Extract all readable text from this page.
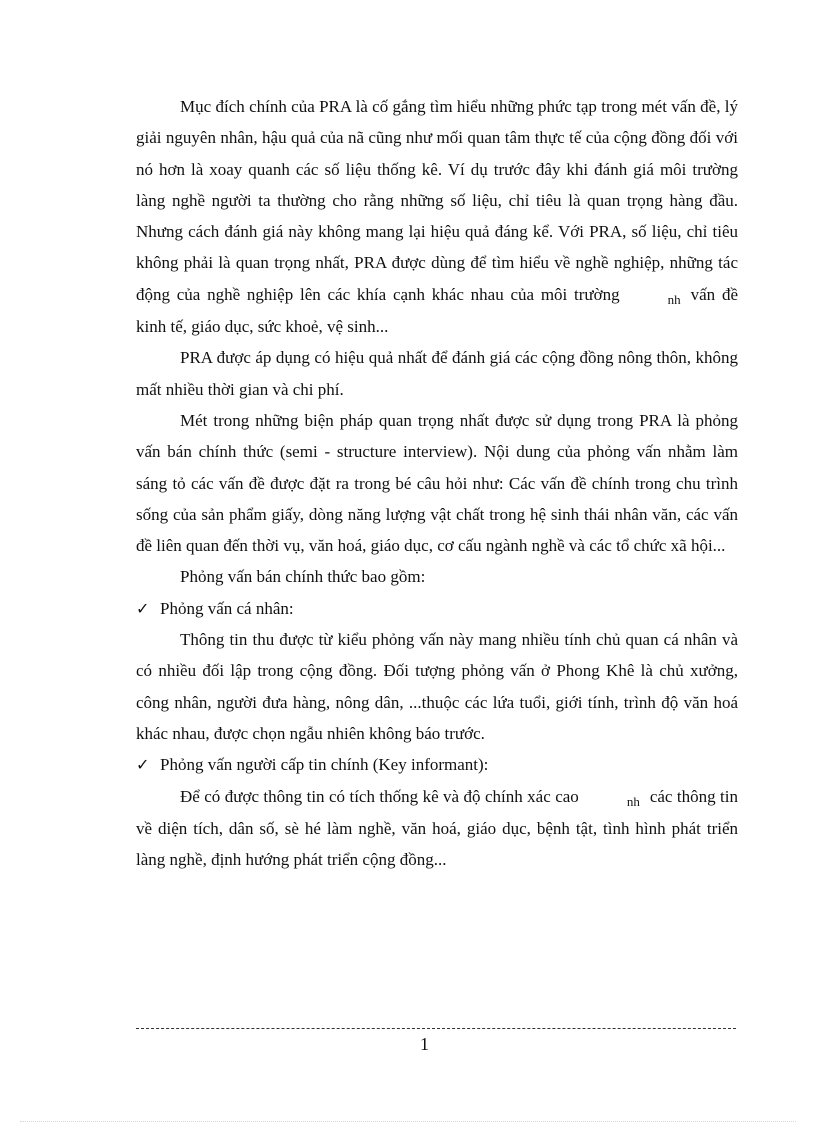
Mục đích chính của PRA là cố gắng tìm hiểu những phức tạp trong mét vấn đề, lý giải nguyên nhân, hậu quả của nã cũng như mối quan tâm thực tế của cộng đồng đối với nó hơn là xoay quanh các số liệu thống kê. Ví dụ trước đây khi đánh giá môi trường làng nghề người ta thường cho rằng những số liệu, chỉ tiêu là quan trọng hàng đầu. Nhưng cách đánh giá này không mang lại hiệu quả đáng kể. Với PRA, số liệu, chỉ tiêu không phải là quan trọng nhất, PRA được dùng để tìm hiểu về nghề nghiệp, những tác động của nghề nghiệp lên các khía cạnh khác nhau của môi trường	nh vấn đề kinh tế, giáo dục, sức khoẻ, vệ sinh...

PRA được áp dụng có hiệu quả nhất để đánh giá các cộng đồng nông thôn, không mất nhiều thời gian và chi phí.

Mét trong những biện pháp quan trọng nhất được sử dụng trong PRA là phỏng vấn bán chính thức (semi - structure interview). Nội dung của phỏng vấn nhằm làm sáng tỏ các vấn đề được đặt ra trong bé câu hỏi như: Các vấn đề chính trong chu trình sống của sản phẩm giấy, dòng năng lượng vật chất trong hệ sinh thái nhân văn, các vấn đề liên quan đến thời vụ, văn hoá, giáo dục, cơ cấu ngành nghề và các tổ chức xã hội...

Phỏng vấn bán chính thức bao gồm:

✓ Phỏng vấn cá nhân:

Thông tin thu được từ kiểu phỏng vấn này mang nhiều tính chủ quan cá nhân và có nhiều đối lập trong cộng đồng. Đối tượng phỏng vấn ở Phong Khê là chủ xưởng, công nhân, người đưa hàng, nông dân, ...thuộc các lứa tuổi, giới tính, trình độ văn hoá khác nhau, được chọn ngẫu nhiên không báo trước.

✓ Phỏng vấn người cấp tin chính (Key informant):

Để có được thông tin có tích thống kê và độ chính xác cao	nh các thông tin về diện tích, dân số, sè hé làm nghề, văn hoá, giáo dục, bệnh tật, tình hình phát triển làng nghề, định hướng phát triển cộng đồng...

1
